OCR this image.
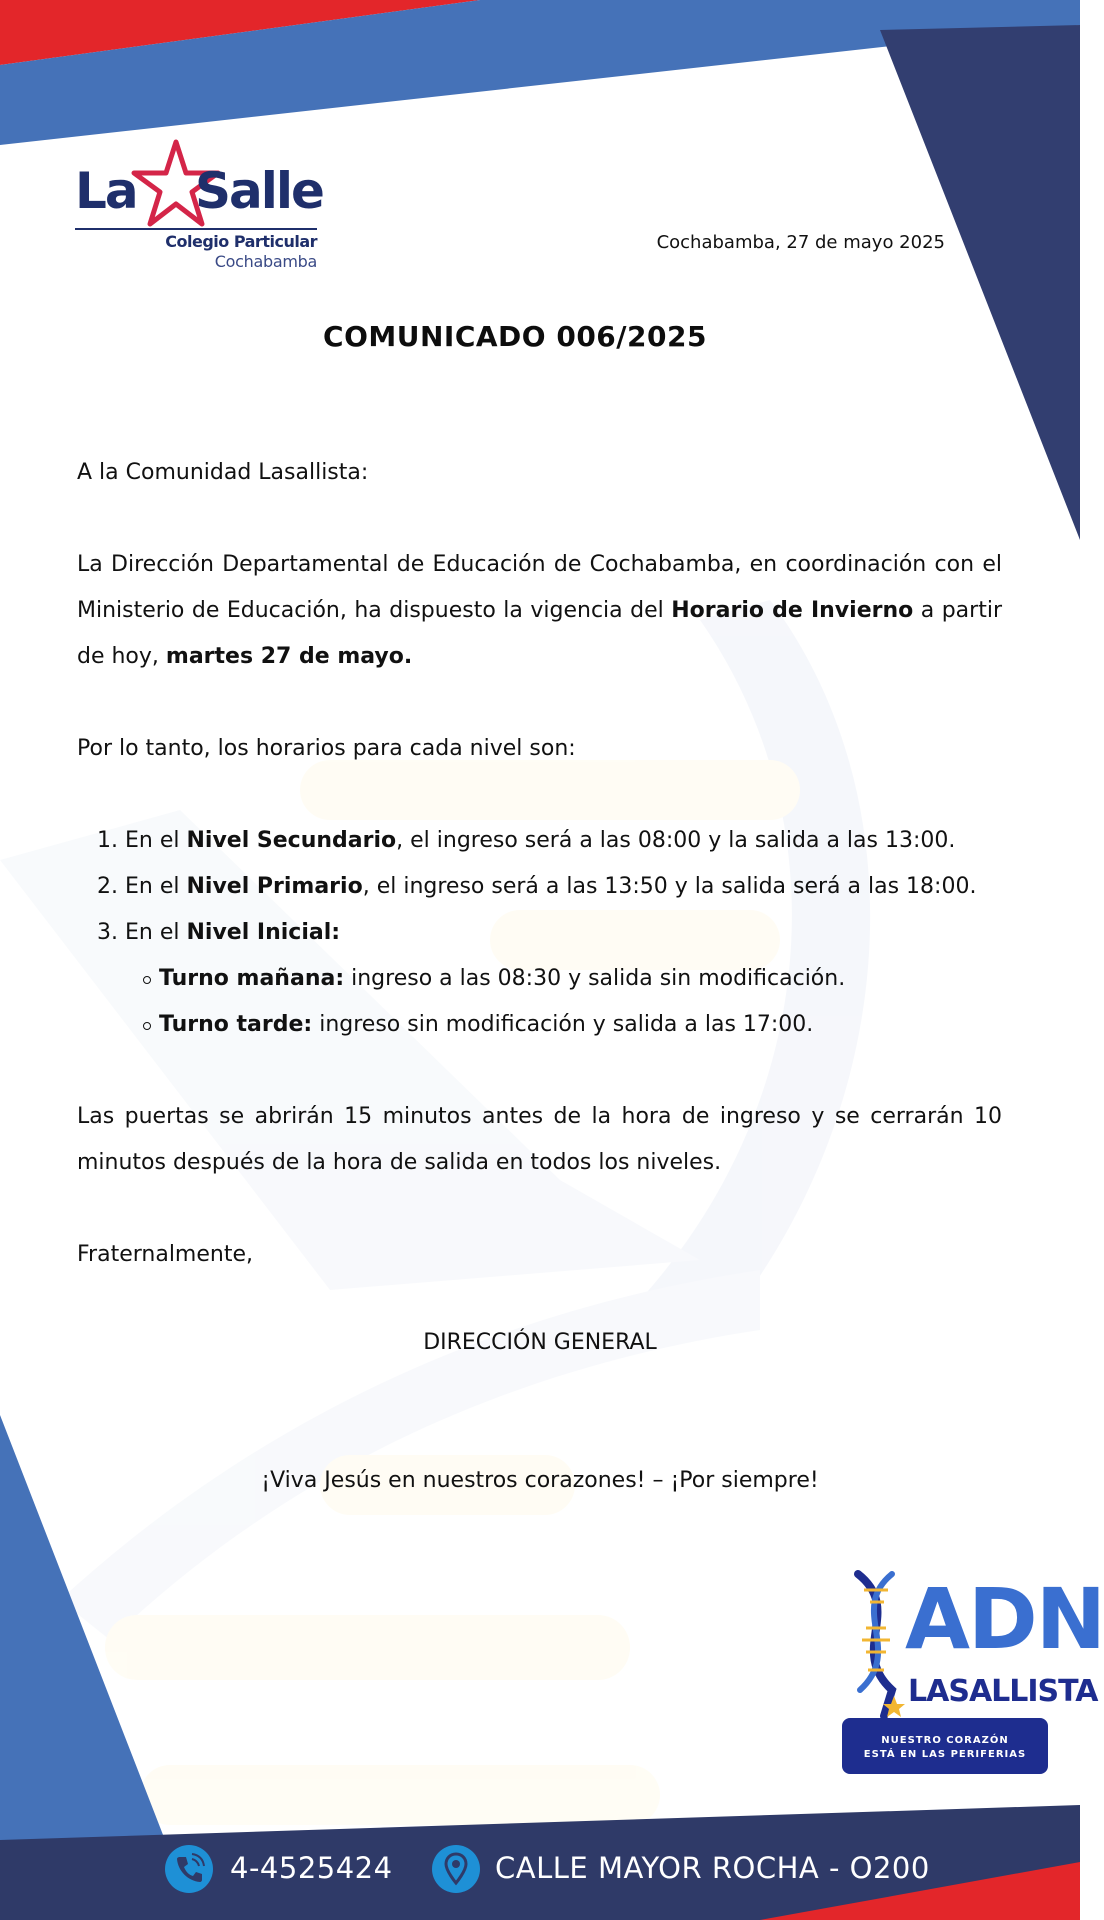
La Salle
Colegio Particular
Cochabamba
Cochabamba, 27 de mayo 2025
COMUNICADO 006/2025

A la Comunidad Lasallista:

La Dirección Departamental de Educación de Cochabamba, en coordinación con el Ministerio de Educación, ha dispuesto la vigencia del Horario de Invierno a partir de hoy, martes 27 de mayo.

Por lo tanto, los horarios para cada nivel son:

1. En el Nivel Secundario, el ingreso será a las 08:00 y la salida a las 13:00.
2. En el Nivel Primario, el ingreso será a las 13:50 y la salida será a las 18:00.
3. En el Nivel Inicial:
Turno mañana: ingreso a las 08:30 y salida sin modificación.
Turno tarde: ingreso sin modificación y salida a las 17:00.

Las puertas se abrirán 15 minutos antes de la hora de ingreso y se cerrarán 10 minutos después de la hora de salida en todos los niveles.

Fraternalmente,

DIRECCIÓN GENERAL
¡Viva Jesús en nuestros corazones! – ¡Por siempre!
ADN
LASALLISTA
NUESTRO CORAZÓN
ESTÁ EN LAS PERIFERIAS
4-4525424	CALLE MAYOR ROCHA - O200
